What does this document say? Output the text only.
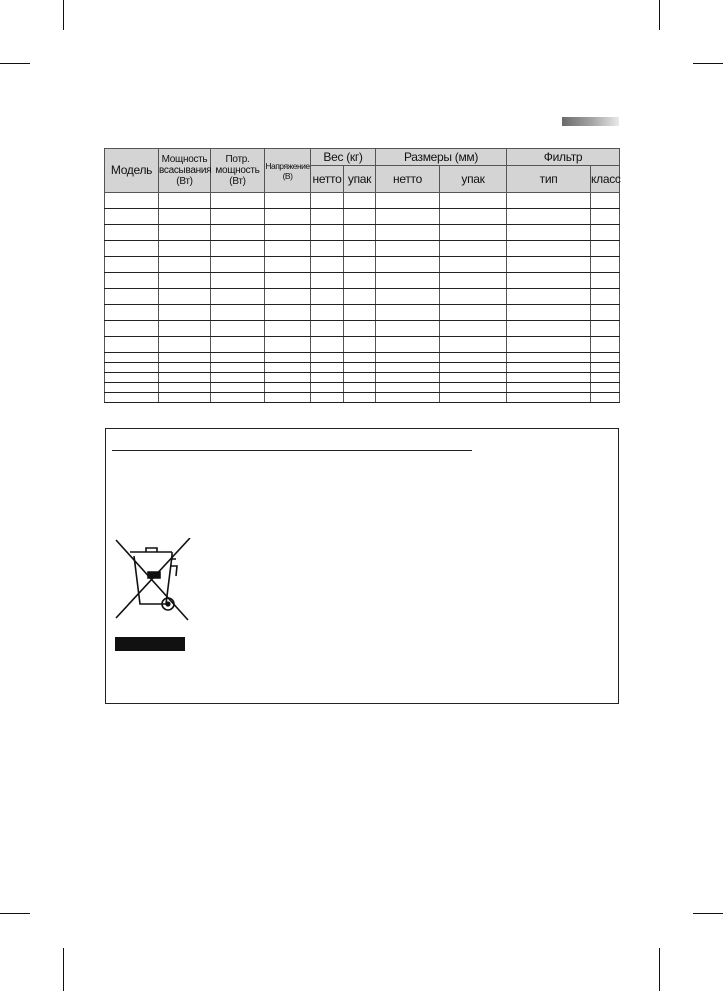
Модель	Мощность всасывания (Вт)	Потр. мощность (Вт)	Напряжение (В)	Вес (кг)		Размеры (мм)		Фильтр	
				нетто	упак	нетто	упак	тип	класс
